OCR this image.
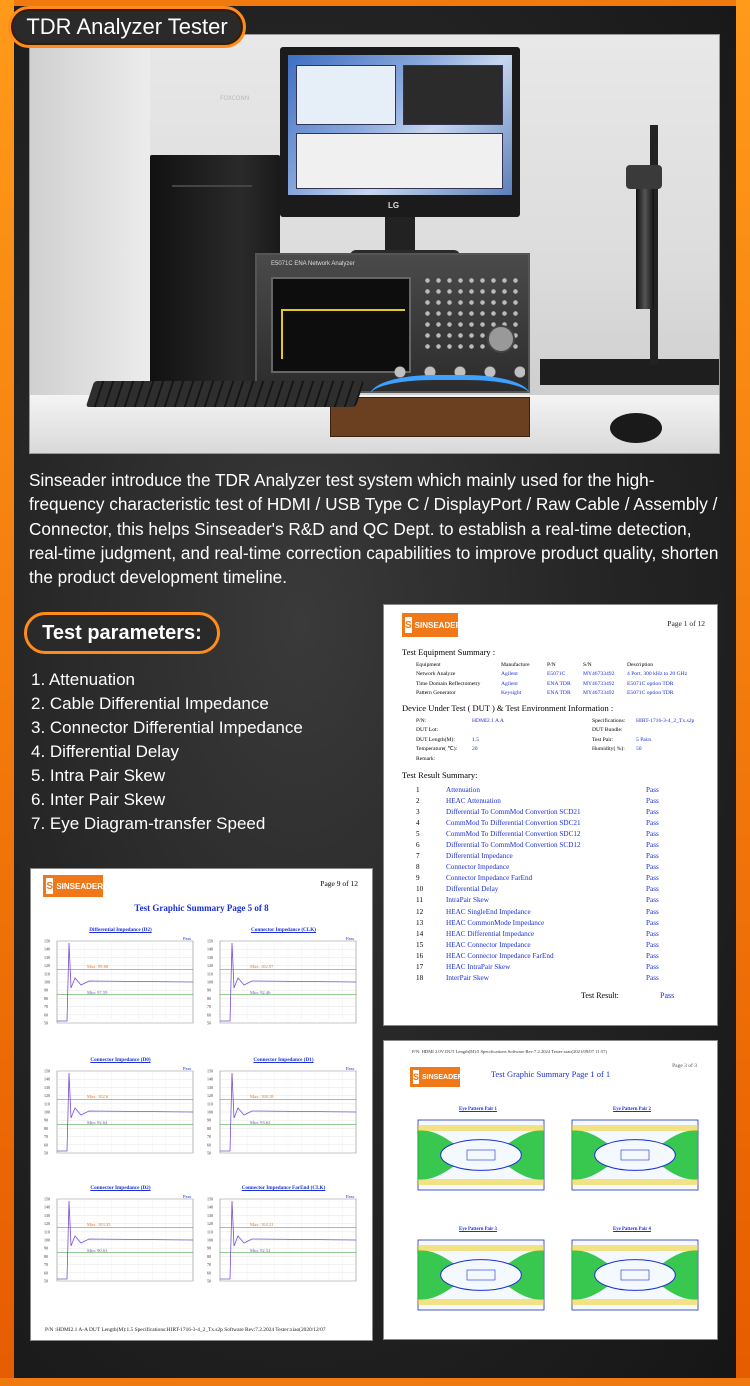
FOXCONN
LG
E5071C ENA Network Analyzer
TDR Analyzer Tester

Sinseader introduce the TDR Analyzer test system which mainly used for the high-frequency characteristic test of HDMI / USB Type C / DisplayPort / Raw Cable / Assembly / Connector, this helps Sinseader's R&D and QC Dept. to establish a real-time detection, real-time judgment, and real-time correction capabilities to improve product quality, shorten the product development timeline.

Test parameters:
1. Attenuation
2. Cable Differential Impedance
3. Connector Differential Impedance
4. Differential Delay
5. Intra Pair Skew
6. Inter Pair Skew
7. Eye Diagram-transfer Speed
S SINSEADER	Page 1 of 12
Test Equipment Summary :
Equipment	Manufacture	P/N	S/N	Description
Network Analyze	Agilent	E5071C	MY46733492	4 Port, 300 kHz to 20 GHz
Time Domain Reflectometry	Agilent	ENA TDR	MY46733492	E5071C option TDR
Pattern Generator	Keysight	ENA TDR	MY46733492	E5071C option TDR
Device Under Test ( DUT ) & Test Environment Information :
P/N:	HDMI2.1 A A	Specifications:	HIRT-1716-3-4_2_Tx.s2p
DUT Lot:		DUT Bundle:	
DUT Length(M):	1.5	Test Pair:	5 Pairs
Temperature( ℃):	20	Humidity( %):	50
Remark:			
Test Result Summary:
1	Attenuation	Pass
2	HEAC Attenuation	Pass
3	Differential To CommMod Convertion SCD21	Pass
4	CommMod To Differential Convertion SDC21	Pass
5	CommMod To Differential Convertion SDC12	Pass
6	Differential To CommMod Convertion SCD12	Pass
7	Differential Impedance	Pass
8	Connector Impedance	Pass
9	Connector Impedance FarEnd	Pass
10	Differential Delay	Pass
11	IntraPair Skew	Pass
12	HEAC SingleEnd Impedance	Pass
13	HEAC CommonMode Impedance	Pass
14	HEAC Differential Impedance	Pass
15	HEAC Connector Impedance	Pass
16	HEAC Connector Impedance FarEnd	Pass
17	HEAC IntraPair Skew	Pass
18	InterPair Skew	Pass
Test Result:	Pass
S SINSEADER	Page 9 of 12
Test Graphic Summary Page 5 of 8
Differential Impedance (D2)
150
140
130
120
110
100
90
80
70
60
50
Max: 99.68
Min: 97.59
Pass
Connector Impedance (CLK)
150
140
130
120
110
100
90
80
70
60
50
Max: 102.97
Min: 92.46
Pass
Connector Impedance (D0)
150
140
130
120
110
100
90
80
70
60
50
Max: 102.6
Min: 92.64
Pass
Connector Impedance (D1)
150
140
130
120
110
100
90
80
70
60
50
Max: 108.18
Min: 93.62
Pass
Connector Impedance (D2)
150
140
130
120
110
100
90
80
70
60
50
Max: 103.35
Min: 90.63
Pass
Connector Impedance FarEnd (CLK)
150
140
130
120
110
100
90
80
70
60
50
Max: 104.21
Min: 92.52
Pass
P/N :HDMI2.1 A-A DUT Length(M):1.5 Specifications:HIRT-1716-3-4_2_Tx.s2p Software Rev:7.2.2024 Tester:xiao(2020/12/07
P/N: HDMI 2.0V DUT Length(M):5 Specifications Software Rev:7.2.2024 Tester:xiao(2021/09/07 11:57)
S SINSEADER
Page 3 of 3
Test Graphic Summary Page 1 of 1
Eye Pattern Pair 1	Eye Pattern Pair 2
Eye Pattern Pair 3	Eye Pattern Pair 4
